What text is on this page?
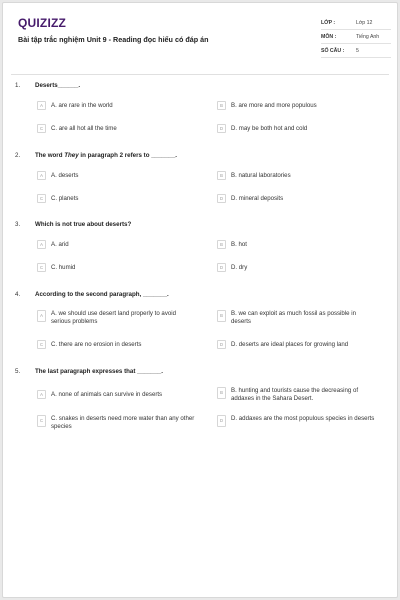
QUIZIZZ
Bài tập trắc nghiệm Unit 9 - Reading đọc hiểu có đáp án
LỚP :	Lớp 12
MÔN :	Tiếng Anh
SỐ CÂU :	5
1. Deserts______.
A	A. are rare in the world	B	B. are more and more populous
C	C. are all hot all the time	D	D. may be both hot and cold
2. The word They in paragraph 2 refers to _______.
A	A. deserts	B	B. natural laboratories
C	C. planets	D	D. mineral deposits
3. Which is not true about deserts?
A	A. arid	B	B. hot
C	C. humid	D	D. dry
4. According to the second paragraph, _______.
A	A. we should use desert land properly to avoid serious problems
B	B. we can exploit as much fossil as possible in deserts
C	C. there are no erosion in deserts	D	D. deserts are ideal places for growing land
5. The last paragraph expresses that _______.
A	A. none of animals can survive in deserts	B	B. hunting and tourists cause the decreasing of addaxes in the Sahara Desert.
C	C. snakes in deserts need more water than any other species
D	D. addaxes are the most populous species in deserts
